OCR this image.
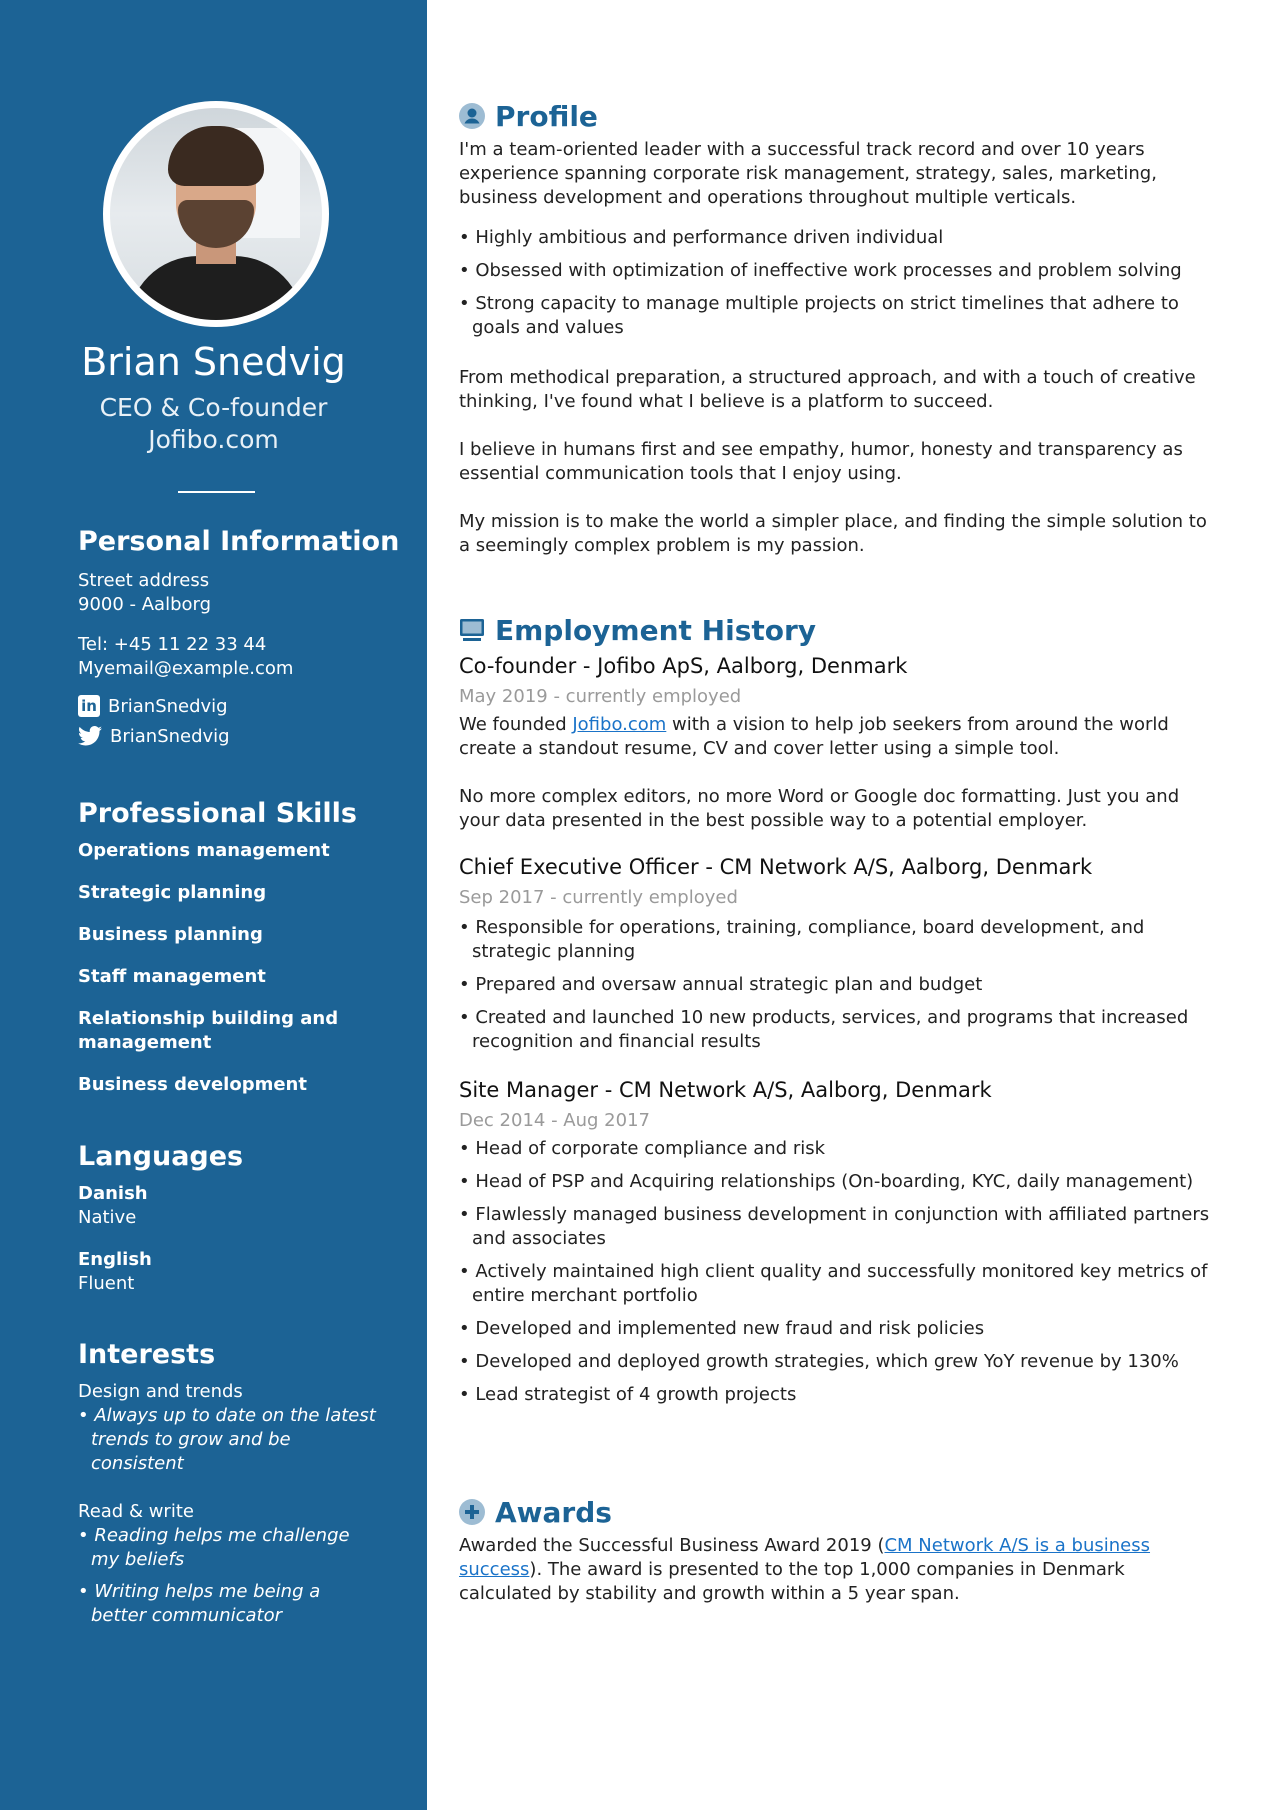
Brian Snedvig
CEO & Co-founder
Jofibo.com
Personal Information
Street address
9000 - Aalborg
Tel: +45 11 22 33 44
Myemail@example.com
in BrianSnedvig
BrianSnedvig
Professional Skills
Operations management
Strategic planning
Business planning
Staff management
Relationship building and management
Business development
Languages
Danish
Native
English
Fluent
Interests
Design and trends
• Always up to date on the latest trends to grow and be consistent
Read & write
• Reading helps me challenge my beliefs
• Writing helps me being a better communicator
Profile

I'm a team-oriented leader with a successful track record and over 10 years experience spanning corporate risk management, strategy, sales, marketing, business development and operations throughout multiple verticals.

• Highly ambitious and performance driven individual
• Obsessed with optimization of ineffective work processes and problem solving
• Strong capacity to manage multiple projects on strict timelines that adhere to goals and values

From methodical preparation, a structured approach, and with a touch of creative thinking, I've found what I believe is a platform to succeed.

I believe in humans first and see empathy, humor, honesty and transparency as essential communication tools that I enjoy using.

My mission is to make the world a simpler place, and finding the simple solution to a seemingly complex problem is my passion.

Employment History
Co-founder - Jofibo ApS, Aalborg, Denmark
May 2019 - currently employed

We founded Jofibo.com with a vision to help job seekers from around the world create a standout resume, CV and cover letter using a simple tool.

No more complex editors, no more Word or Google doc formatting. Just you and your data presented in the best possible way to a potential employer.

Chief Executive Officer - CM Network A/S, Aalborg, Denmark
Sep 2017 - currently employed
• Responsible for operations, training, compliance, board development, and strategic planning
• Prepared and oversaw annual strategic plan and budget
• Created and launched 10 new products, services, and programs that increased recognition and financial results
Site Manager - CM Network A/S, Aalborg, Denmark
Dec 2014 - Aug 2017
• Head of corporate compliance and risk
• Head of PSP and Acquiring relationships (On-boarding, KYC, daily management)
• Flawlessly managed business development in conjunction with affiliated partners and associates
• Actively maintained high client quality and successfully monitored key metrics of entire merchant portfolio
• Developed and implemented new fraud and risk policies
• Developed and deployed growth strategies, which grew YoY revenue by 130%
• Lead strategist of 4 growth projects
Awards

Awarded the Successful Business Award 2019 (CM Network A/S is a business success). The award is presented to the top 1,000 companies in Denmark calculated by stability and growth within a 5 year span.
